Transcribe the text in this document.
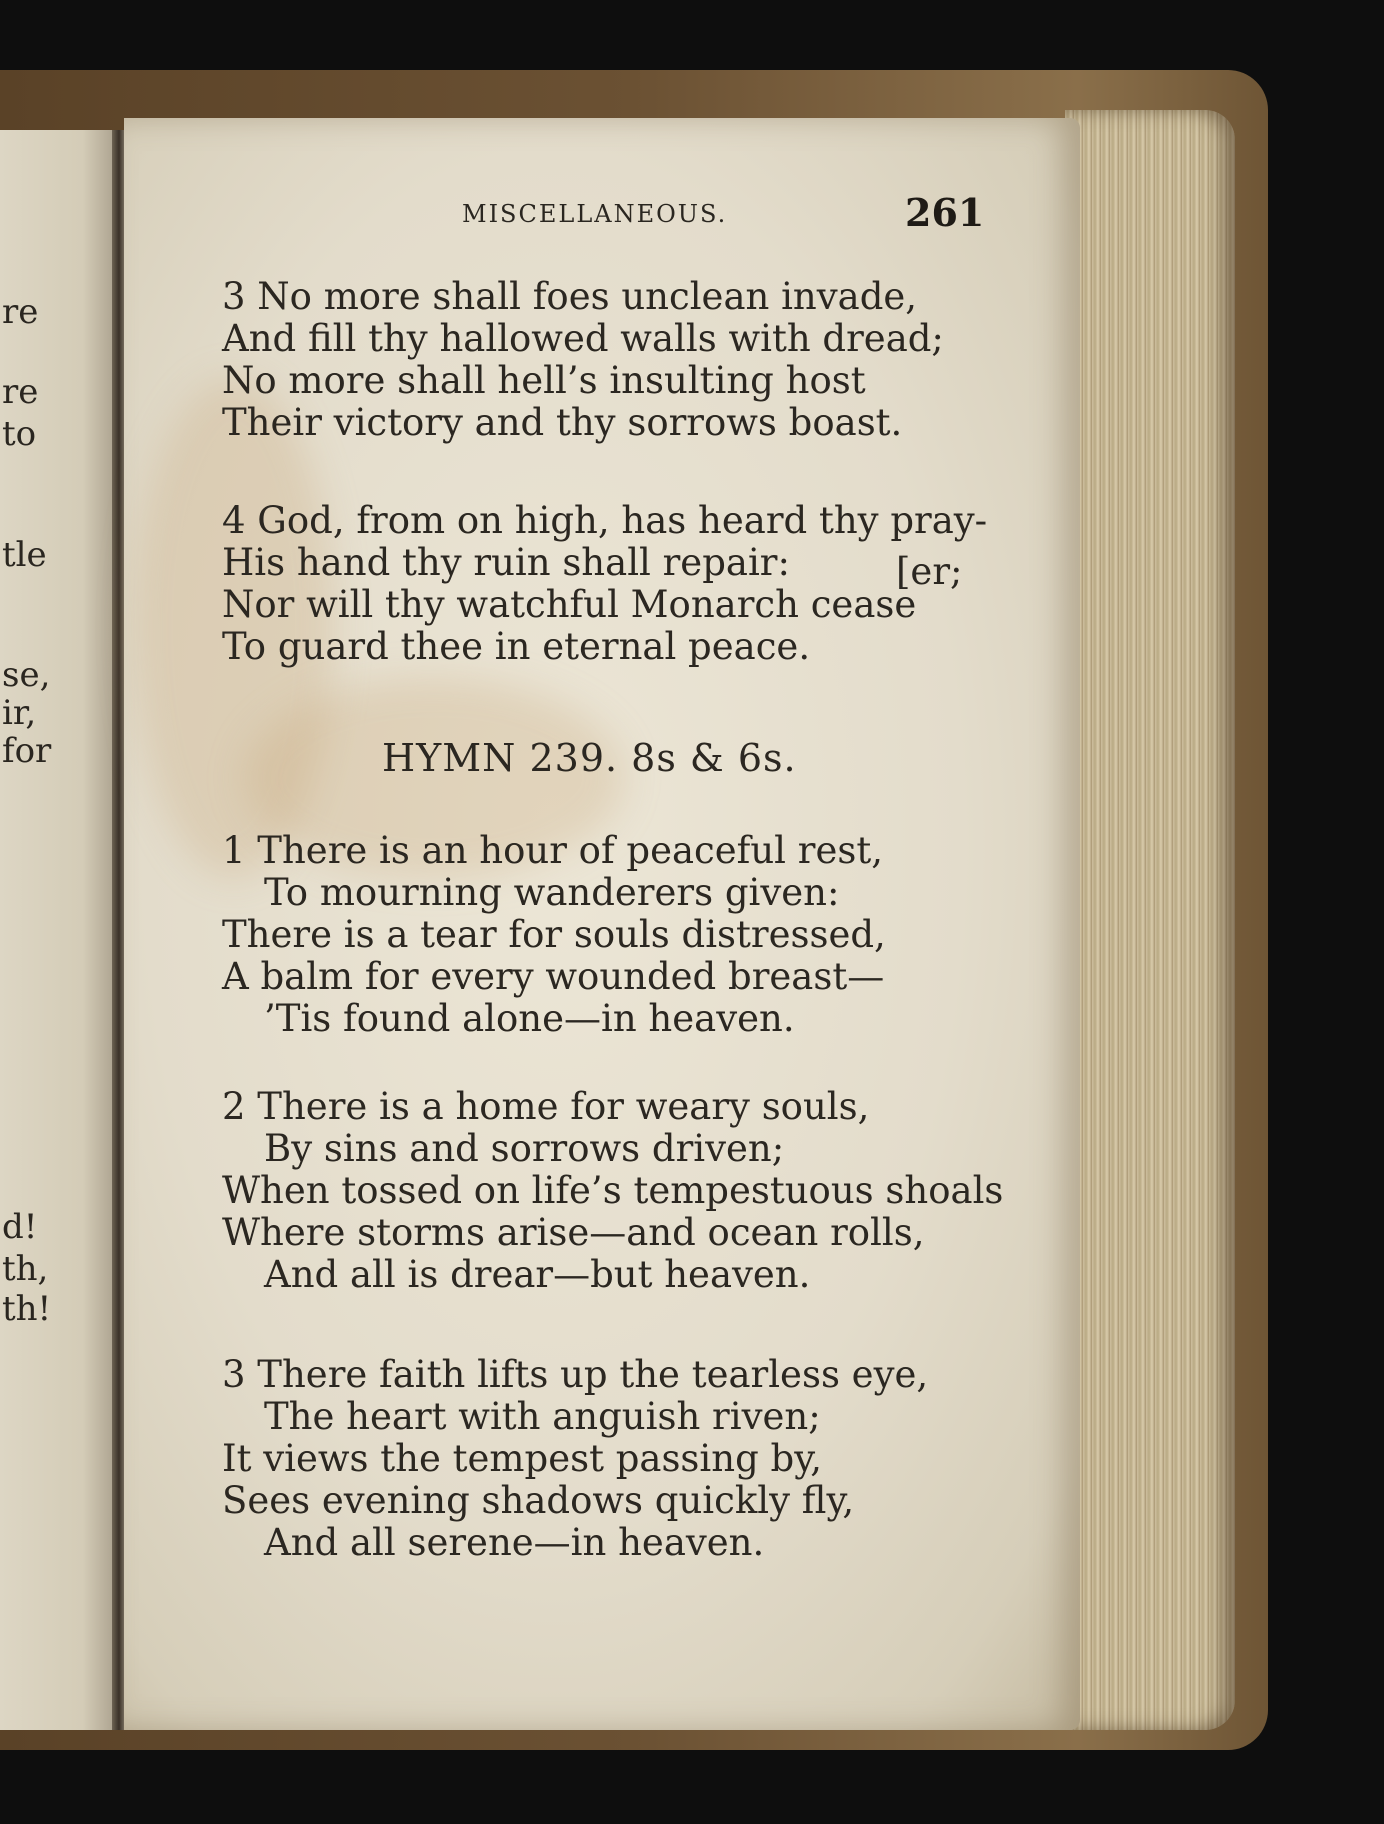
re
re
to
tle
se,
ir,
for
d!
th,
th!
MISCELLANEOUS.	261
3 No more shall foes unclean invade,
And fill thy hallowed walls with dread;
No more shall hell’s insulting host
Their victory and thy sorrows boast.
4 God, from on high, has heard thy pray-
His hand thy ruin shall repair:	[er;
Nor will thy watchful Monarch cease
To guard thee in eternal peace.
HYMN 239. 8s & 6s.
1 There is an hour of peaceful rest,
To mourning wanderers given:
There is a tear for souls distressed,
A balm for every wounded breast—
’Tis found alone—in heaven.
2 There is a home for weary souls,
By sins and sorrows driven;
When tossed on life’s tempestuous shoals
Where storms arise—and ocean rolls,
And all is drear—but heaven.
3 There faith lifts up the tearless eye,
The heart with anguish riven;
It views the tempest passing by,
Sees evening shadows quickly fly,
And all serene—in heaven.
